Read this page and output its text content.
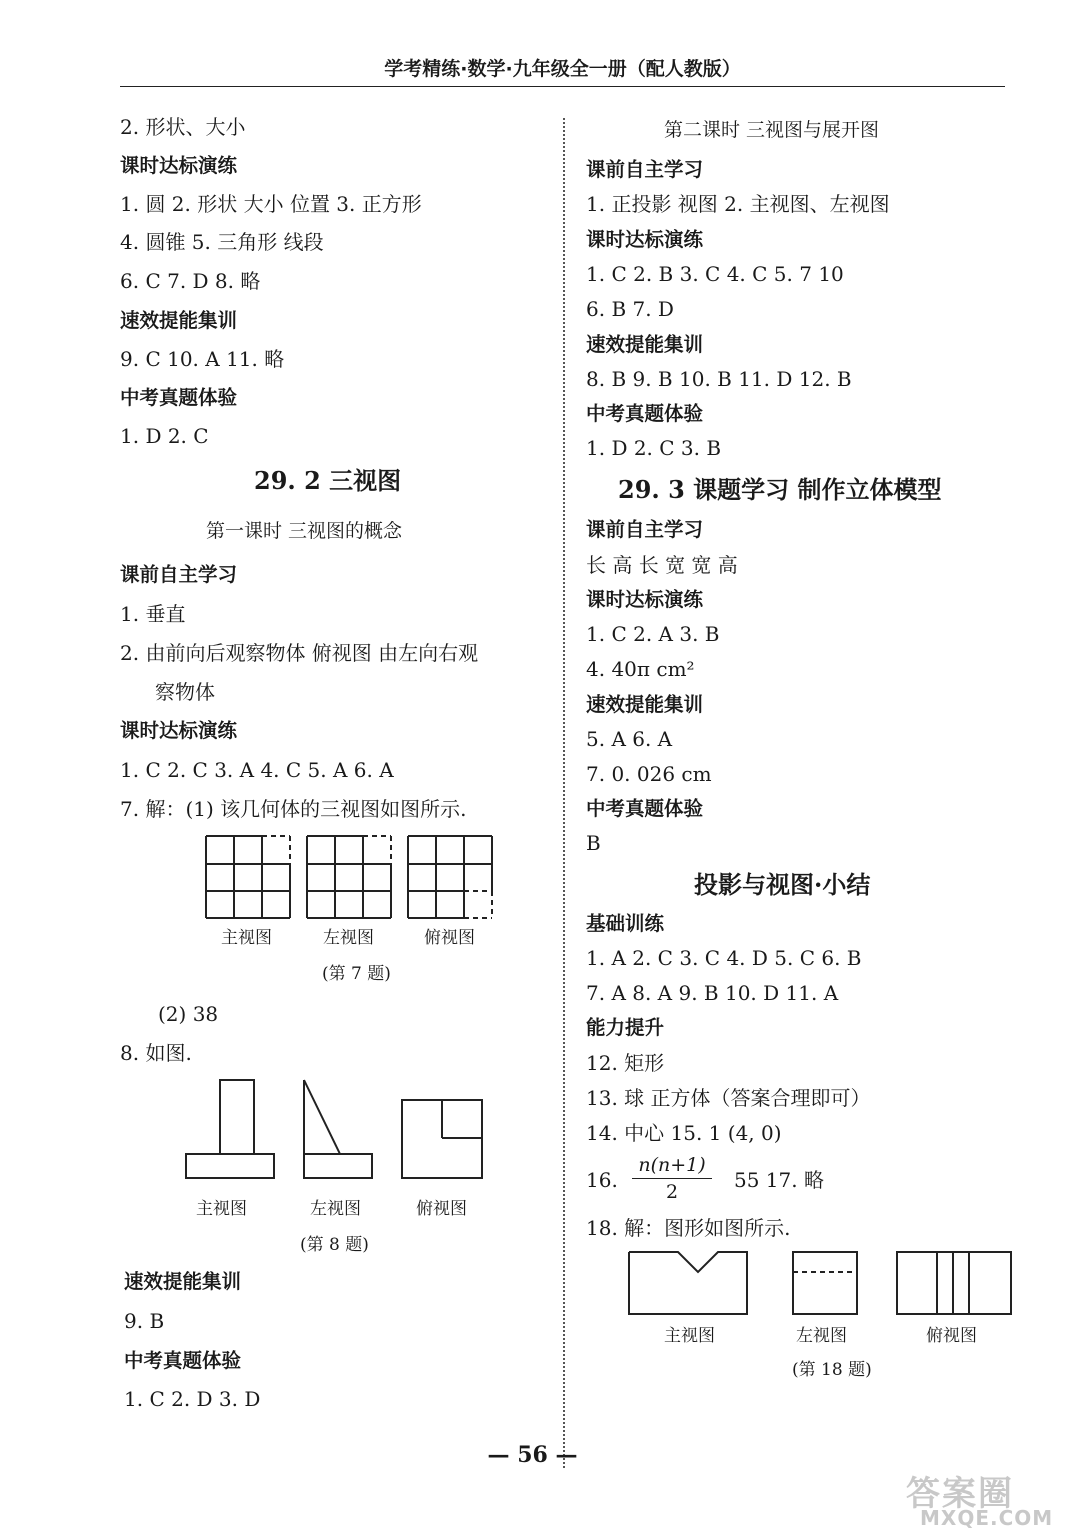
学考精练·数学·九年级全一册（配人教版）
2. 形状、大小
课时达标演练
1. 圆 2. 形状 大小 位置 3. 正方形
4. 圆锥 5. 三角形 线段
6. C 7. D 8. 略
速效提能集训
9. C 10. A 11. 略
中考真题体验
1. D 2. C
29. 2 三视图
第一课时 三视图的概念
课前自主学习
1. 垂直
2. 由前向后观察物体 俯视图 由左向右观
察物体
课时达标演练
1. C 2. C 3. A 4. C 5. A 6. A
7. 解：(1) 该几何体的三视图如图所示.
主视图	左视图	俯视图
(第 7 题)
(2) 38
8. 如图.
主视图	左视图	俯视图
(第 8 题)
速效提能集训
9. B
中考真题体验
1. C 2. D 3. D
第二课时 三视图与展开图
课前自主学习
1. 正投影 视图 2. 主视图、左视图
课时达标演练
1. C 2. B 3. C 4. C 5. 7 10
6. B 7. D
速效提能集训
8. B 9. B 10. B 11. D 12. B
中考真题体验
1. D 2. C 3. B
29. 3 课题学习 制作立体模型
课前自主学习
长 高 长 宽 宽 高
课时达标演练
1. C 2. A 3. B
4. 40π cm²
速效提能集训
5. A 6. A
7. 0. 026 cm
中考真题体验
B
投影与视图·小结
基础训练
1. A 2. C 3. C 4. D 5. C 6. B
7. A 8. A 9. B 10. D 11. A
能力提升
12. 矩形
13. 球 正方体（答案合理即可）
14. 中心 15. 1 (4, 0)
16.
n(n+1)
2	55 17. 略
18. 解：图形如图所示.
主视图	左视图	俯视图
(第 18 题)
— 56 —
答案圈
MXQE.COM
